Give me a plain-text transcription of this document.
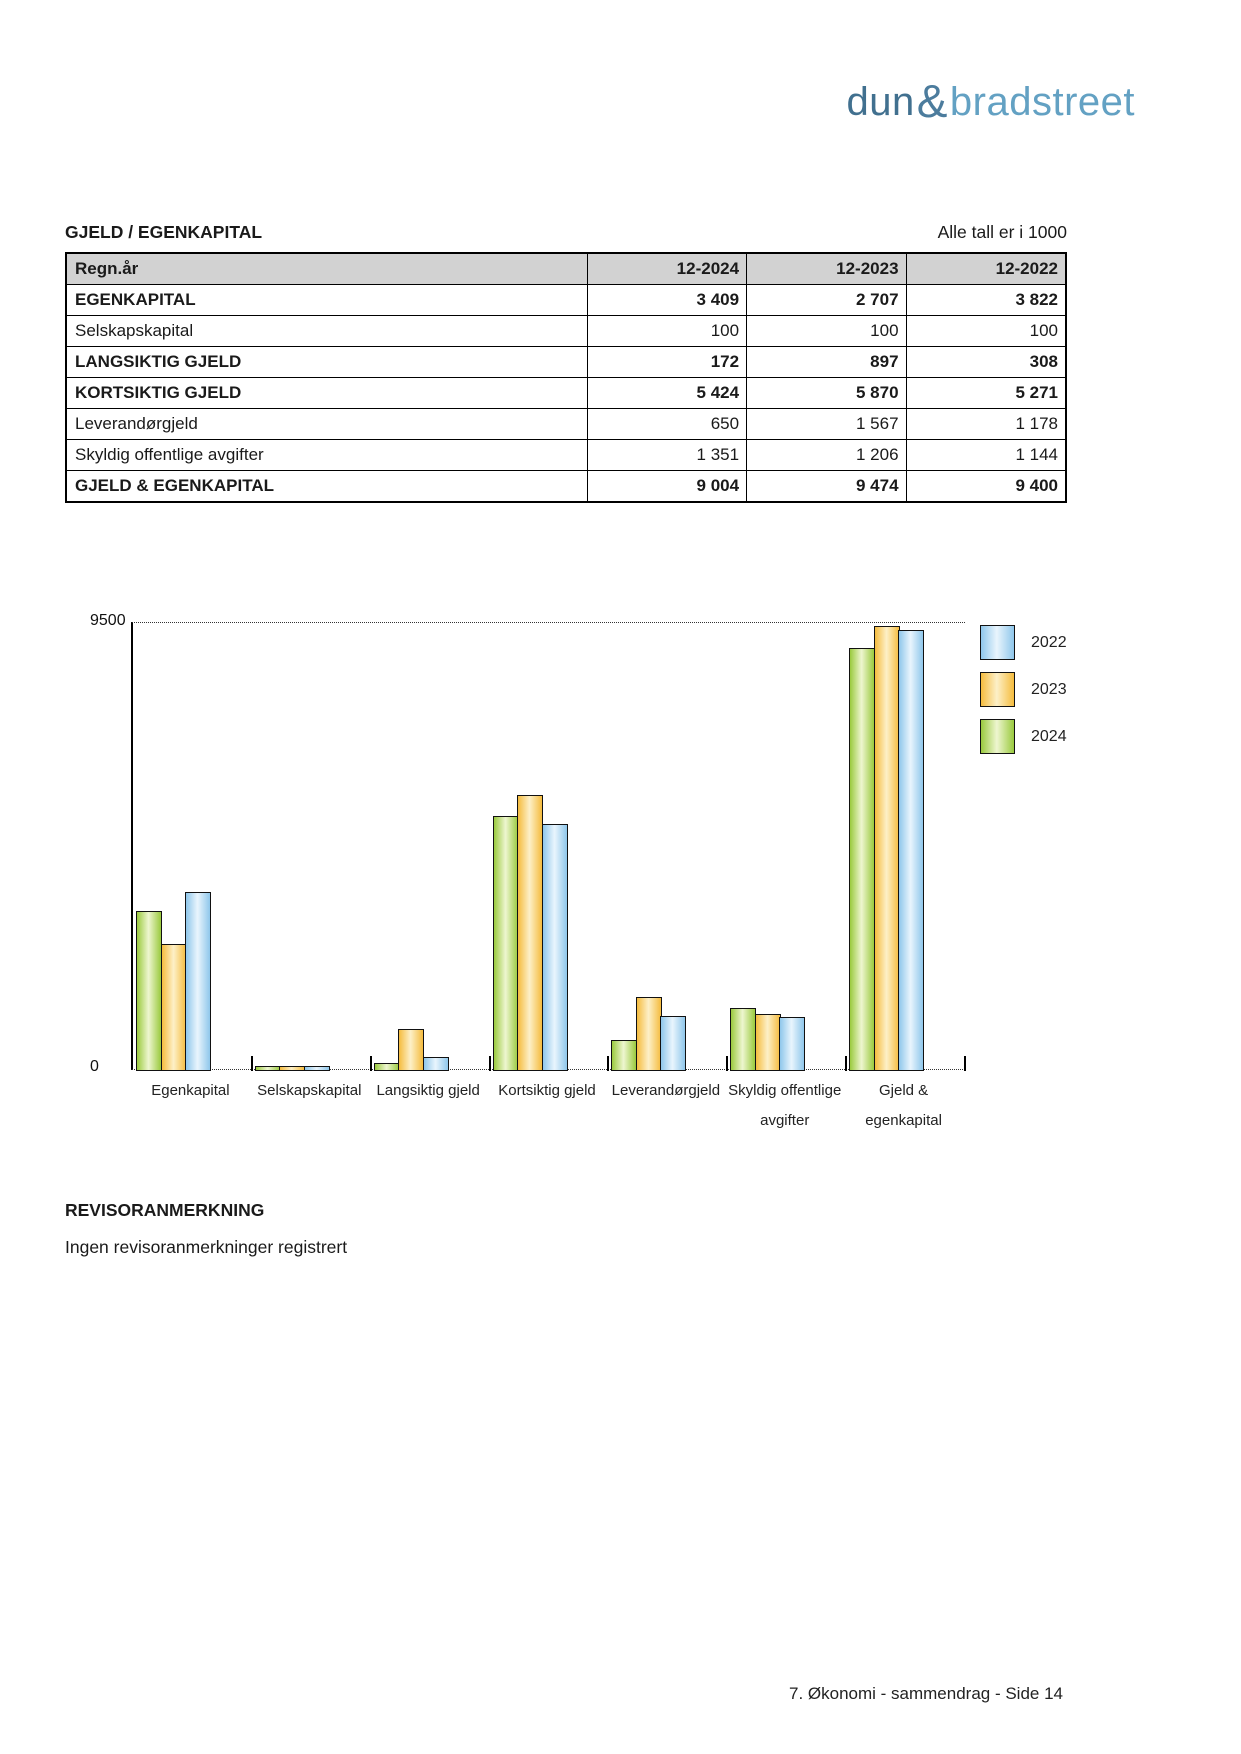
dun & bradstreet
GJELD / EGENKAPITAL	Alle tall er i 1000
Regn.år	12-2024	12-2023	12-2022
EGENKAPITAL	3 409	2 707	3 822
Selskapskapital	100	100	100
LANGSIKTIG GJELD	172	897	308
KORTSIKTIG GJELD	5 424	5 870	5 271
Leverandørgjeld	650	1 567	1 178
Skyldig offentlige avgifter	1 351	1 206	1 144
GJELD & EGENKAPITAL	9 004	9 474	9 400
9500
0
Egenkapital	Selskapskapital	Langsiktig gjeld	Kortsiktig gjeld	Leverandørgjeld Skyldig offentlige
avgifter
Gjeld &
egenkapital
2022
2023
2024

REVISORANMERKNING

Ingen revisoranmerkninger registrert

7. Økonomi - sammendrag - Side 14
